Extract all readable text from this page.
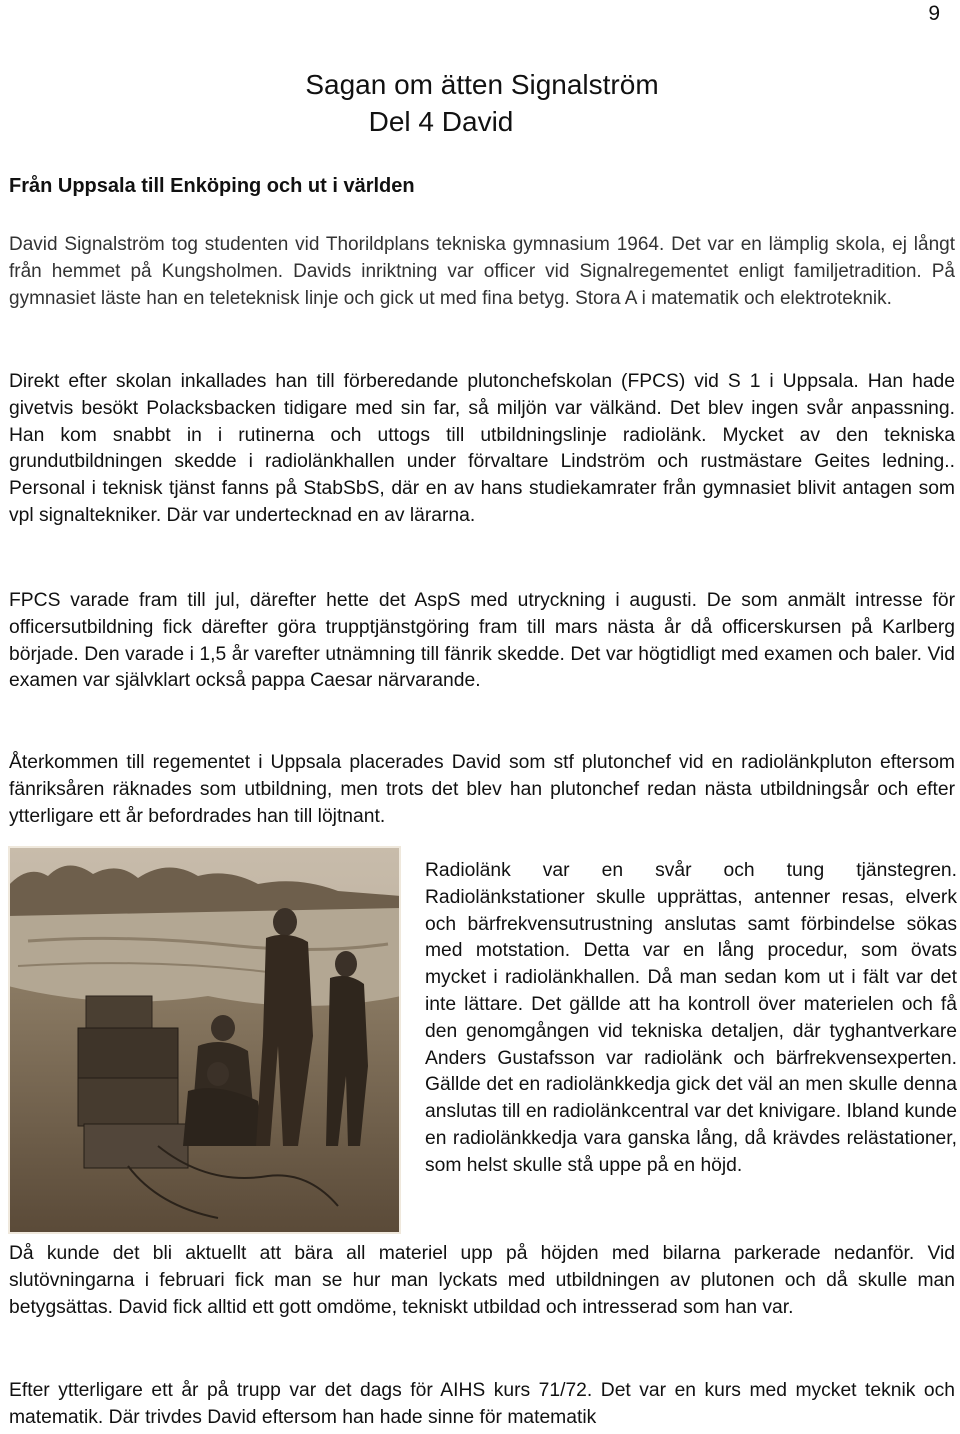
9
Sagan om ätten Signalström
Del 4 David
Från Uppsala till Enköping och ut i världen

David Signalström tog studenten vid Thorildplans tekniska gymnasium 1964. Det var en lämplig skola, ej långt från hemmet på Kungsholmen. Davids inriktning var officer vid Signalregementet enligt familjetradition. På gymnasiet läste han en teleteknisk linje och gick ut med fina betyg. Stora A i matematik och elektroteknik.

Direkt efter skolan inkallades han till förberedande plutonchefskolan (FPCS) vid S 1 i Uppsala. Han hade givetvis besökt Polacksbacken tidigare med sin far, så miljön var välkänd. Det blev ingen svår anpassning. Han kom snabbt in i rutinerna och uttogs till utbildningslinje radiolänk. Mycket av den tekniska grundutbildningen skedde i radiolänkhallen under förvaltare Lindström och rustmästare Geites ledning.. Personal i teknisk tjänst fanns på StabSbS, där en av hans studiekamrater från gymnasiet blivit antagen som vpl signaltekniker. Där var undertecknad en av lärarna.

FPCS varade fram till jul, därefter hette det AspS med utryckning i augusti. De som anmält intresse för officersutbildning fick därefter göra trupptjänstgöring fram till mars nästa år då officerskursen på Karlberg började. Den varade i 1,5 år varefter utnämning till fänrik skedde. Det var högtidligt med examen och baler. Vid examen var självklart också pappa Caesar närvarande.

Återkommen till regementet i Uppsala placerades David som stf plutonchef vid en radiolänkpluton eftersom fänriksåren räknades som utbildning, men trots det blev han plutonchef redan nästa utbildningsår och efter ytterligare ett år befordrades han till löjtnant.

Radiolänk var en svår och tung tjänstegren. Radiolänkstationer skulle upprättas, antenner resas, elverk och bärfrekvensutrustning anslutas samt förbindelse sökas med motstation. Detta var en lång procedur, som övats mycket i radiolänkhallen. Då man sedan kom ut i fält var det inte lättare. Det gällde att ha kontroll över materielen och få den genomgången vid tekniska detaljen, där tyghantverkare Anders Gustafsson var radiolänk och bärfrekvensexperten. Gällde det en radiolänkkedja gick det väl an men skulle denna anslutas till en radiolänkcentral var det knivigare. Ibland kunde en radiolänkkedja vara ganska lång, då krävdes relästationer, som helst skulle stå uppe på en höjd.

Då kunde det bli aktuellt att bära all materiel upp på höjden med bilarna parkerade nedanför. Vid slutövningarna i februari fick man se hur man lyckats med utbildningen av plutonen och då skulle man betygsättas. David fick alltid ett gott omdöme, tekniskt utbildad och intresserad som han var.

Efter ytterligare ett år på trupp var det dags för AIHS kurs 71/72. Det var en kurs med mycket teknik och matematik. Där trivdes David eftersom han hade sinne för matematik
